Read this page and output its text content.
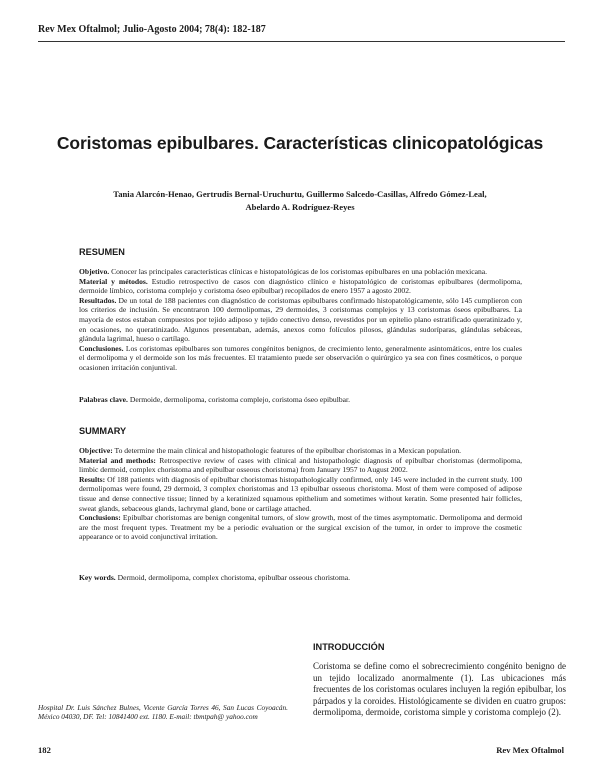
Rev Mex Oftalmol; Julio-Agosto 2004; 78(4): 182-187
Coristomas epibulbares. Características clinicopatológicas
Tania Alarcón-Henao, Gertrudis Bernal-Uruchurtu, Guillermo Salcedo-Casillas, Alfredo Gómez-Leal,
Abelardo A. Rodríguez-Reyes
RESUMEN
Objetivo. Conocer las principales características clínicas e histopatológicas de los coristomas epibulbares en una población mexicana.
Material y métodos. Estudio retrospectivo de casos con diagnóstico clínico e histopatológico de coristomas epibulbares (dermolipoma, dermoide límbico, coristoma complejo y coristoma óseo epibulbar) recopilados de enero 1957 a agosto 2002.
Resultados. De un total de 188 pacientes con diagnóstico de coristomas epibulbares confirmado histopatológicamente, sólo 145 cumplieron con los criterios de inclusión. Se encontraron 100 dermolipomas, 29 dermoides, 3 coristomas complejos y 13 coristomas óseos epibulbares. La mayoría de estos estaban compuestos por tejido adiposo y tejido conectivo denso, revestidos por un epitelio plano estratificado queratinizado y, en ocasiones, no queratinizado. Algunos presentaban, además, anexos como folículos pilosos, glándulas sudoríparas, glándulas sebáceas, glándula lagrimal, hueso o cartílago.
Conclusiones. Los coristomas epibulbares son tumores congénitos benignos, de crecimiento lento, generalmente asintomáticos, entre los cuales el dermolipoma y el dermoide son los más frecuentes. El tratamiento puede ser observación o quirúrgico ya sea con fines cosméticos, o porque ocasionen irritación conjuntival.
Palabras clave. Dermoide, dermolipoma, coristoma complejo, coristoma óseo epibulbar.
SUMMARY
Objective: To determine the main clinical and histopathologic features of the epibulbar choristomas in a Mexican population.
Material and methods: Retrospective review of cases with clinical and histopathologic diagnosis of epibulbar choristomas (dermolipoma, limbic dermoid, complex choristoma and epibulbar osseous choristoma) from January 1957 to August 2002.
Results: Of 188 patients with diagnosis of epibulbar choristomas histopathologically confirmed, only 145 were included in the current study. 100 dermolipomas were found, 29 dermoid, 3 complex choristomas and 13 epibulbar osseous choristoma. Most of them were composed of adipose tissue and dense connective tissue; linned by a keratinized squamous epithelium and sometimes without keratin. Some presented hair follicles, sweat glands, sebaceous glands, lachrymal gland, bone or cartilage attached.
Conclusions: Epibulbar choristomas are benign congenital tumors, of slow growth, most of the times asymptomatic. Dermolipoma and dermoid are the most frequent types. Treatment my be a periodic evaluation or the surgical excision of the tumor, in order to improve the cosmetic appearance or to avoid conjunctival irritation.
Key words. Dermoid, dermolipoma, complex choristoma, epibulbar osseous choristoma.
INTRODUCCIÓN
Coristoma se define como el sobrecrecimiento congénito benigno de un tejido localizado anormalmente (1). Las ubicaciones más frecuentes de los coristomas oculares incluyen la región epibulbar, los párpados y la coroides. Histológicamente se dividen en cuatro grupos: dermolipoma, dermoide, coristoma simple y coristoma complejo (2).
Hospital Dr. Luis Sánchez Bulnes, Vicente García Torres 46, San Lucas Coyoacán. México 04030, DF. Tel: 10841400 ext. 1180. E-mail: tbmtpah@ yahoo.com
182	Rev Mex Oftalmol
